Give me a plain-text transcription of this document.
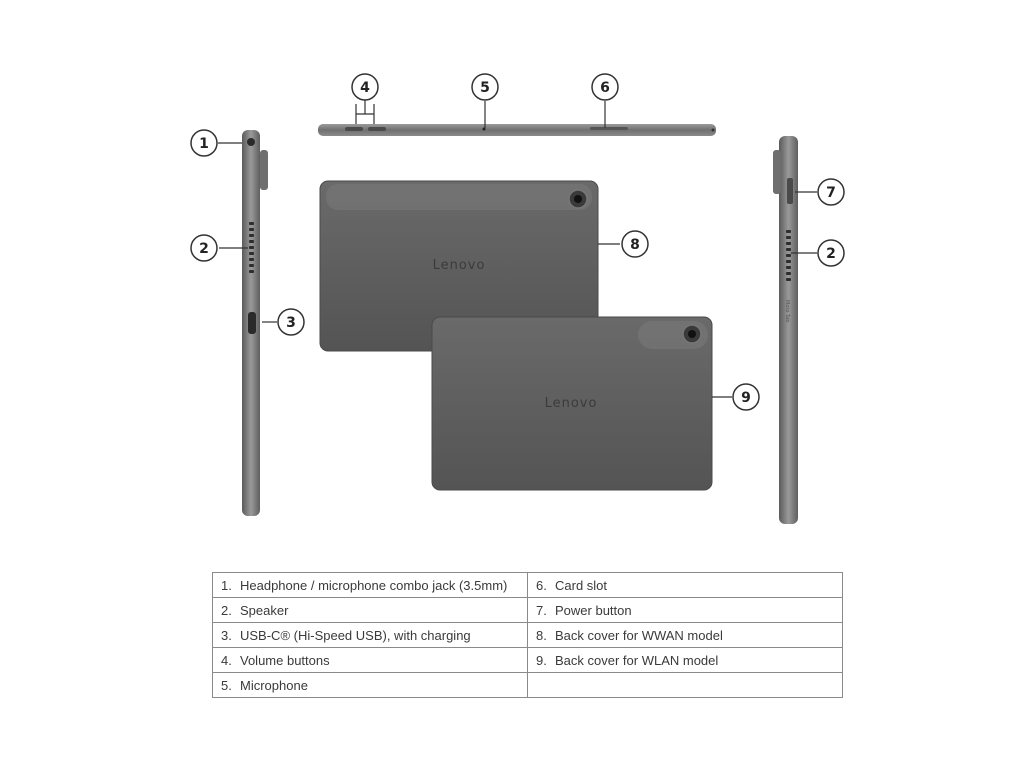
Moto Tab
Lenovo
Lenovo
4	5	6
1
2
3
7
2
8
9
1. Headphone / microphone combo jack (3.5mm)	6. Card slot
2. Speaker	7. Power button
3. USB-C® (Hi-Speed USB), with charging	8. Back cover for WWAN model
4. Volume buttons	9. Back cover for WLAN model
5. Microphone	
